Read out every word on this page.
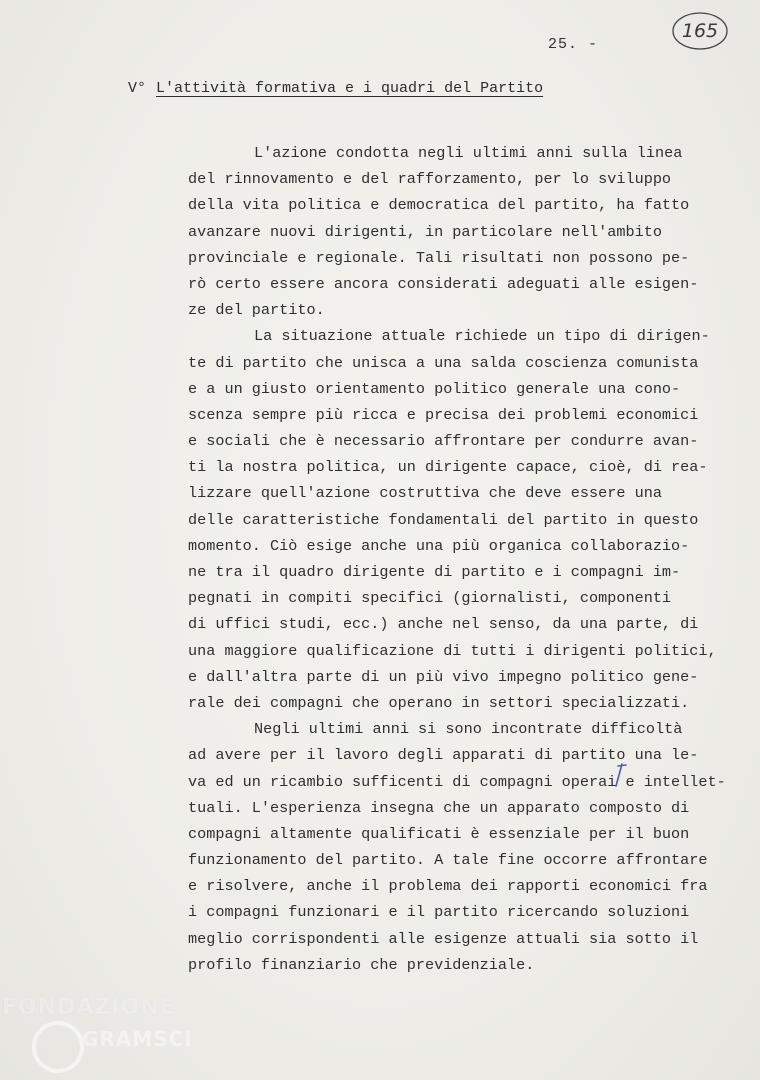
25. -
165
V° L'attività formativa e i quadri del Partito
L'azione condotta negli ultimi anni sulla linea
del rinnovamento e del rafforzamento, per lo sviluppo
della vita politica e democratica del partito, ha fatto
avanzare nuovi dirigenti, in particolare nell'ambito
provinciale e regionale. Tali risultati non possono pe-
rò certo essere ancora considerati adeguati alle esigen-
ze del partito.
La situazione attuale richiede un tipo di dirigen-
te di partito che unisca a una salda coscienza comunista
e a un giusto orientamento politico generale una cono-
scenza sempre più ricca e precisa dei problemi economici
e sociali che è necessario affrontare per condurre avan-
ti la nostra politica, un dirigente capace, cioè, di rea-
lizzare quell'azione costruttiva che deve essere una
delle caratteristiche fondamentali del partito in questo
momento. Ciò esige anche una più organica collaborazio-
ne tra il quadro dirigente di partito e i compagni im-
pegnati in compiti specifici (giornalisti, componenti
di uffici studi, ecc.) anche nel senso, da una parte, di
una maggiore qualificazione di tutti i dirigenti politici,
e dall'altra parte di un più vivo impegno politico gene-
rale dei compagni che operano in settori specializzati.
Negli ultimi anni si sono incontrate difficoltà
ad avere per il lavoro degli apparati di partito una le-
va ed un ricambio sufficenti di compagni operai e intellet-
tuali. L'esperienza insegna che un apparato composto di
compagni altamente qualificati è essenziale per il buon
funzionamento del partito. A tale fine occorre affrontare
e risolvere, anche il problema dei rapporti economici fra
i compagni funzionari e il partito ricercando soluzioni
meglio corrispondenti alle esigenze attuali sia sotto il
profilo finanziario che previdenziale.
FONDAZIONE
GRAMSCI
